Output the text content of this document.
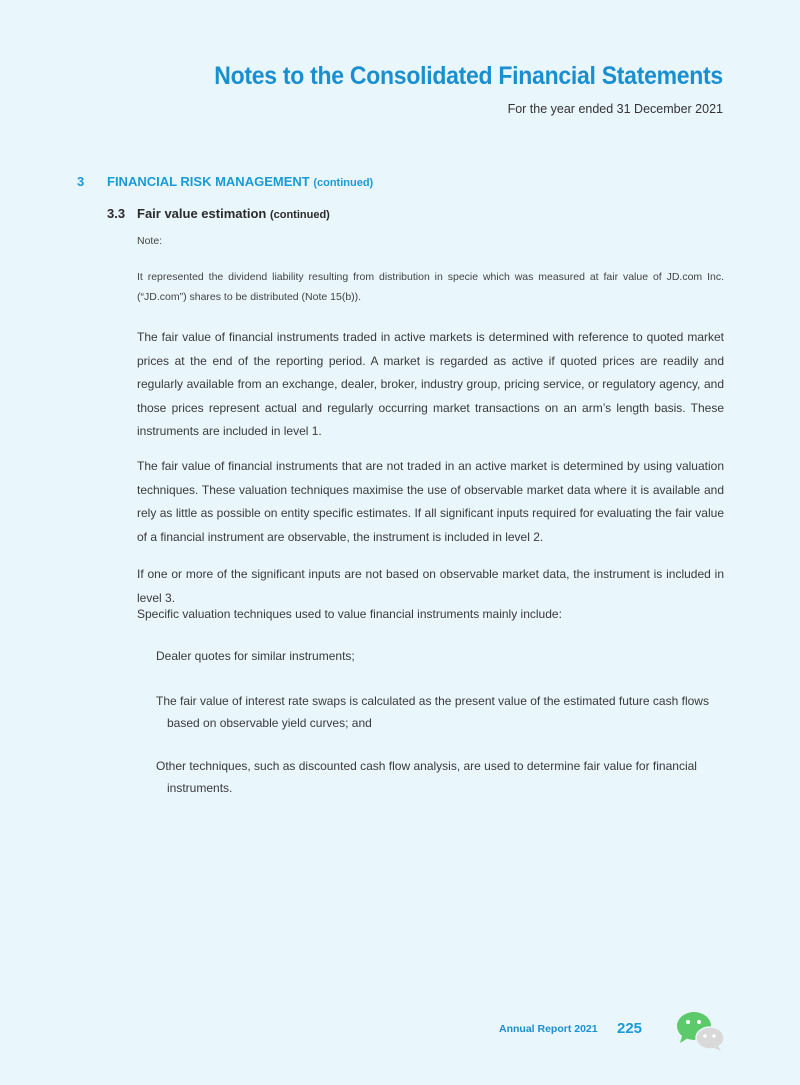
Notes to the Consolidated Financial Statements
For the year ended 31 December 2021
3 FINANCIAL RISK MANAGEMENT (continued)
3.3 Fair value estimation (continued)
Note:
It represented the dividend liability resulting from distribution in specie which was measured at fair value of JD.com Inc. (“JD.com”) shares to be distributed (Note 15(b)).
The fair value of financial instruments traded in active markets is determined with reference to quoted market prices at the end of the reporting period. A market is regarded as active if quoted prices are readily and regularly available from an exchange, dealer, broker, industry group, pricing service, or regulatory agency, and those prices represent actual and regularly occurring market transactions on an arm’s length basis. These instruments are included in level 1.
The fair value of financial instruments that are not traded in an active market is determined by using valuation techniques. These valuation techniques maximise the use of observable market data where it is available and rely as little as possible on entity specific estimates. If all significant inputs required for evaluating the fair value of a financial instrument are observable, the instrument is included in level 2.
If one or more of the significant inputs are not based on observable market data, the instrument is included in level 3.
Specific valuation techniques used to value financial instruments mainly include:
Dealer quotes for similar instruments;
The fair value of interest rate swaps is calculated as the present value of the estimated future cash flows
based on observable yield curves; and
Other techniques, such as discounted cash flow analysis, are used to determine fair value for financial
instruments.
Annual Report 2021 225
